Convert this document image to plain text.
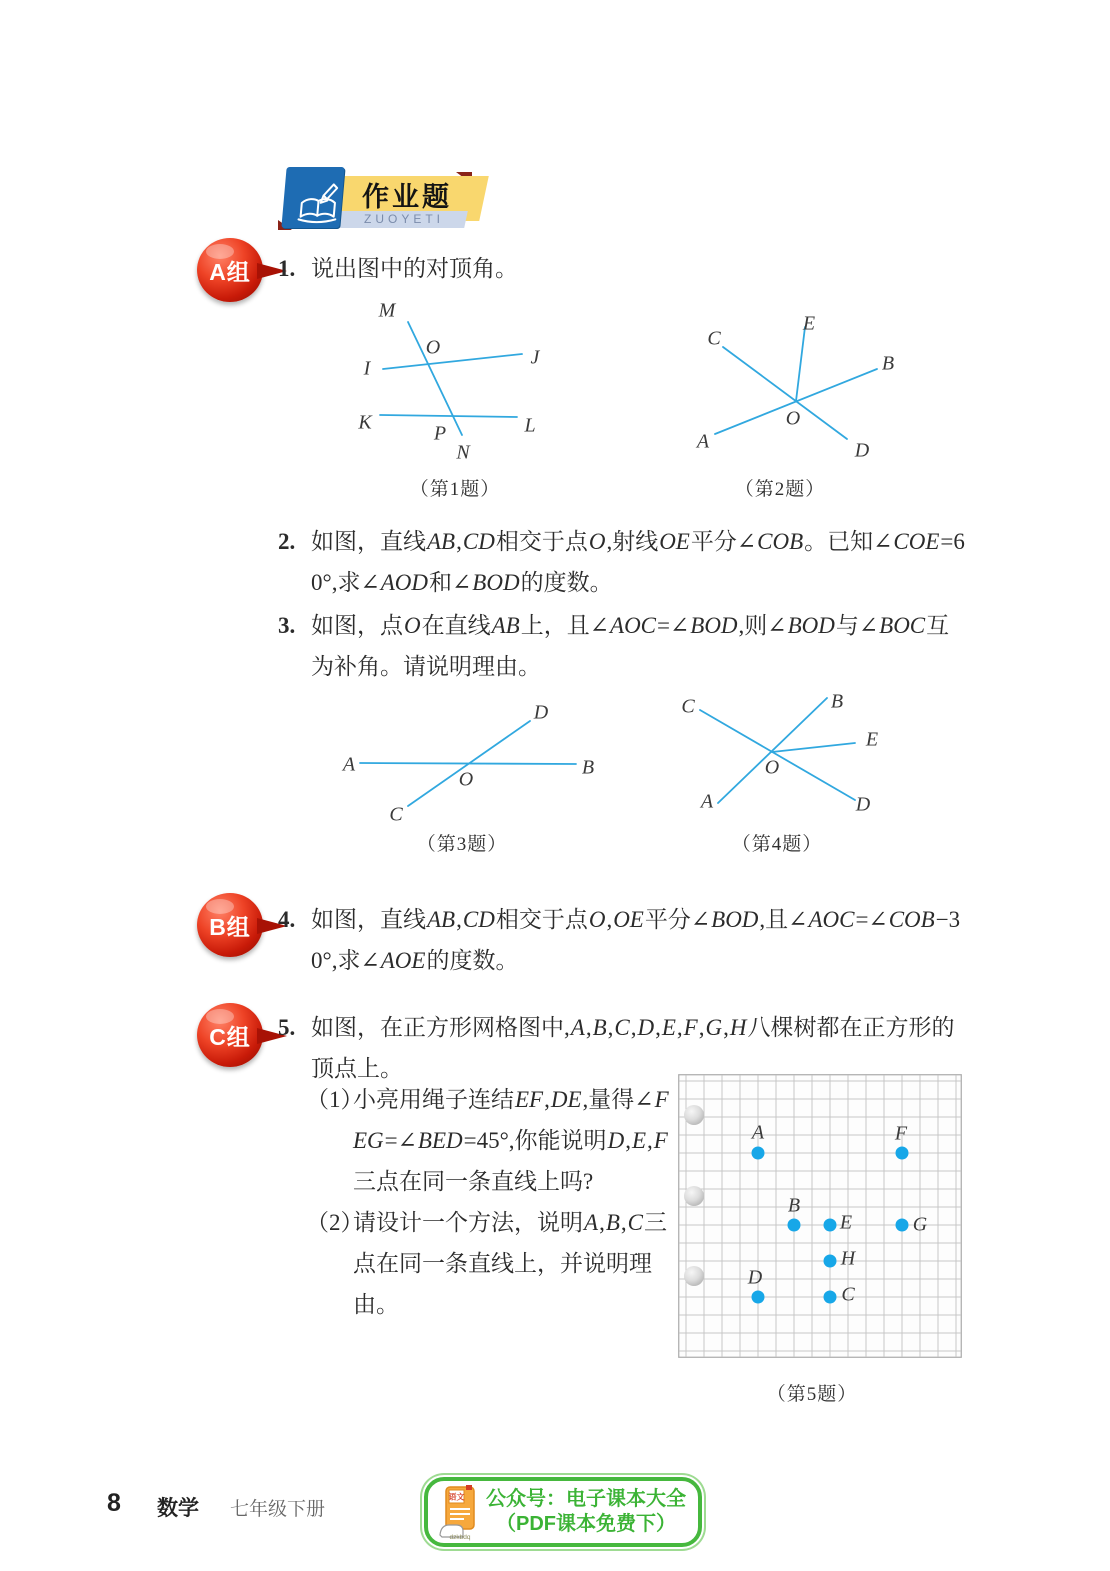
作业题
ZUOYETI
A组
B组
C组
1. 说出图中的对顶角。
2. 如图，直线AB,CD相交于点O,射线OE平分∠COB。已知∠COE=60°,求∠AOD和∠BOD的度数。
3. 如图，点O在直线AB上，且∠AOC=∠BOD,则∠BOD与∠BOC互为补角。请说明理由。
4. 如图，直线AB,CD相交于点O,OE平分∠BOD,且∠AOC=∠COB−30°,求∠AOE的度数。
5. 如图，在正方形网格图中,A,B,C,D,E,F,G,H八棵树都在正方形的顶点上。
（1）
小亮用绳子连结EF,DE,量得∠FEG=∠BED=45°,你能说明D,E,F三点在同一条直线上吗?
（2）
请设计一个方法，说明A,B,C三点在同一条直线上，并说明理由。
M
O	J
I
K	L
P
N
C
E
B
A
O
D
D
C
A	B
O
C	B
E
O
A	D
（第1题）	（第2题）
（第3题）	（第4题）
A
B
C
D
E
F
G
H
（第5题）
8 数学 七年级下册
语文
dzkbdq
公众号：电子课本大全
（PDF课本免费下）
